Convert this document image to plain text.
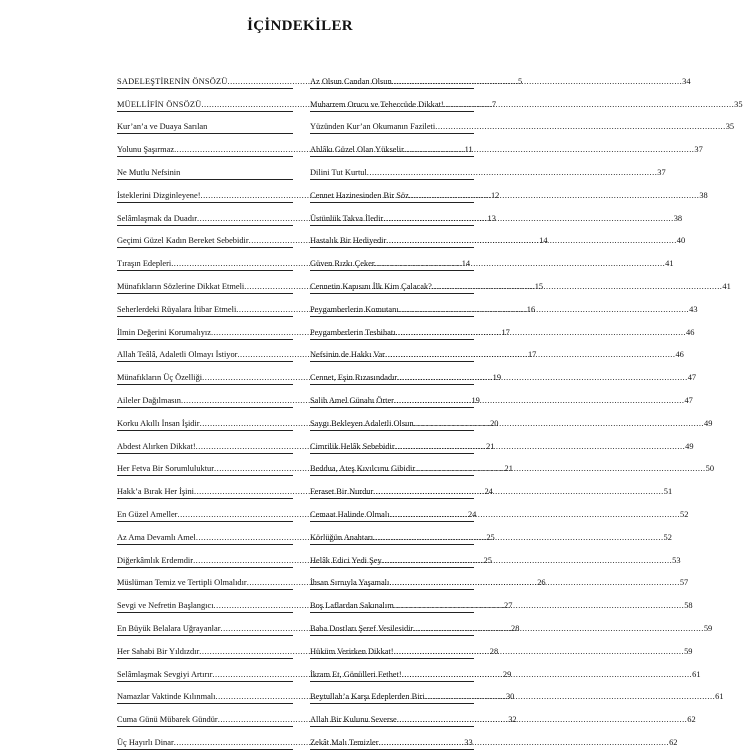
İÇİNDEKİLER
SADELEŞTİRENİN ÖNSÖZÜ .....	5
MÜELLİFİN ÖNSÖZÜ .....	7
Kur’an’a ve Duaya Sarılan
Yolunu Şaşırmaz .....	11
Ne Mutlu Nefsinin
İsteklerini Dizginleyene! .....	12
Selâmlaşmak da Duadır .....	13
Geçimi Güzel Kadın Bereket Sebebidir .....	14
Tıraşın Edepleri .....	14
Münafıkların Sözlerine Dikkat Etmeli .....	15
Seherlerdeki Rüyalara İtibar Etmeli .....	16
İlmin Değerini Korumalıyız .....	17
Allah Teâlâ, Adaletli Olmayı İstiyor .....	17
Münafıkların Üç Özelliği .....	19
Aileler Dağılmasın .....	19
Korku Akıllı İnsan İşidir .....	20
Abdest Alırken Dikkat! .....	21
Her Fetva Bir Sorumluluktur .....	21
Hakk’a Bırak Her İşini .....	24
En Güzel Ameller .....	24
Az Ama Devamlı Amel .....	25
Diğerkâmlık Erdemdir .....	25
Müslüman Temiz ve Tertipli Olmalıdır .....	26
Sevgi ve Nefretin Başlangıcı .....	27
En Büyük Belalara Uğrayanlar .....	28
Her Sahabi Bir Yıldızdır .....	28
Selâmlaşmak Sevgiyi Artırır .....	29
Namazlar Vaktinde Kılınmalı .....	30
Cuma Günü Mübarek Gündür .....	32
Üç Hayırlı Dinar .....	33
Az Olsun Candan Olsun .....	34
Muharrem Orucu ve Teheccüde Dikkat! .....	35
Yüzünden Kur’an Okumanın Fazileti .....	35
Ahlâkı Güzel Olan Yükselir .....	37
Dilini Tut Kurtul .....	37
Cennet Hazinesinden Bir Söz .....	38
Üstünlük Takva İledir .....	38
Hastalık Bir Hediyedir .....	40
Güven Rızkı Çeker .....	41
Cennetin Kapısını İlk Kim Çalacak? .....	41
Peygamberlerin Komutanı .....	43
Peygamberlerin Tesbihatı .....	46
Nefsinin de Hakkı Var .....	46
Cennet, Eşin Rızasındadır .....	47
Salih Amel Günahı Örter .....	47
Saygı Bekleyen Adaletli Olsun .....	49
Cimrilik Helâk Sebebidir .....	49
Beddua, Ateş Kıvılcımı Gibidir .....	50
Feraset Bir Nurdur .....	51
Cemaat Halinde Olmalı .....	52
Körlüğün Anahtarı .....	52
Helâk Edici Yedi Şey .....	53
İhsan Sırnıyla Yaşamalı .....	57
Boş Laflardan Sakınalım .....	58
Baba Dostları Şeref Vesilesidir .....	59
Hüküm Verirken Dikkat! .....	59
İkram Et, Gönülleri Fethet! .....	61
Beytullah’a Karşı Edeplerden Biri .....	61
Allah Bir Kulunu Severse .....	62
Zekât Malı Temizler .....	62
